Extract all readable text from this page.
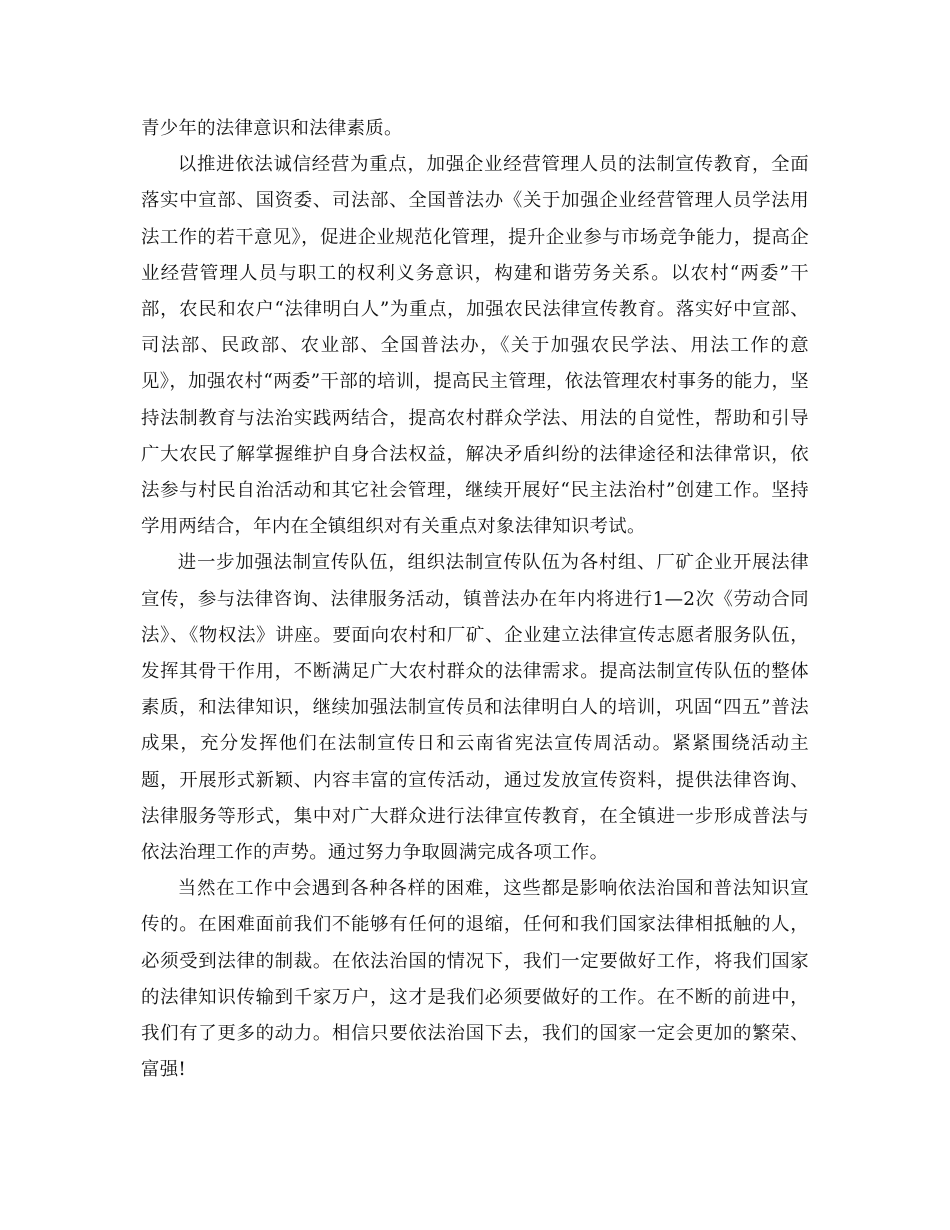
青少年的法律意识和法律素质。

以推进依法诚信经营为重点，加强企业经营管理人员的法制宣传教育，全面落实中宣部、国资委、司法部、全国普法办《关于加强企业经营管理人员学法用法工作的若干意见》，促进企业规范化管理，提升企业参与市场竞争能力，提高企业经营管理人员与职工的权利义务意识，构建和谐劳务关系。以农村“两委”干部，农民和农户“法律明白人”为重点，加强农民法律宣传教育。落实好中宣部、司法部、民政部、农业部、全国普法办，《关于加强农民学法、用法工作的意见》，加强农村“两委”干部的培训，提高民主管理，依法管理农村事务的能力，坚持法制教育与法治实践两结合，提高农村群众学法、用法的自觉性，帮助和引导广大农民了解掌握维护自身合法权益，解决矛盾纠纷的法律途径和法律常识，依法参与村民自治活动和其它社会管理，继续开展好“民主法治村”创建工作。坚持学用两结合，年内在全镇组织对有关重点对象法律知识考试。

进一步加强法制宣传队伍，组织法制宣传队伍为各村组、厂矿企业开展法律宣传，参与法律咨询、法律服务活动，镇普法办在年内将进行1—2次《劳动合同法》、《物权法》讲座。要面向农村和厂矿、企业建立法律宣传志愿者服务队伍，发挥其骨干作用，不断满足广大农村群众的法律需求。提高法制宣传队伍的整体素质，和法律知识，继续加强法制宣传员和法律明白人的培训，巩固“四五”普法成果，充分发挥他们在法制宣传日和云南省宪法宣传周活动。紧紧围绕活动主题，开展形式新颖、内容丰富的宣传活动，通过发放宣传资料，提供法律咨询、法律服务等形式，集中对广大群众进行法律宣传教育，在全镇进一步形成普法与依法治理工作的声势。通过努力争取圆满完成各项工作。

当然在工作中会遇到各种各样的困难，这些都是影响依法治国和普法知识宣传的。在困难面前我们不能够有任何的退缩，任何和我们国家法律相抵触的人，必须受到法律的制裁。在依法治国的情况下，我们一定要做好工作，将我们国家的法律知识传输到千家万户，这才是我们必须要做好的工作。在不断的前进中，我们有了更多的动力。相信只要依法治国下去，我们的国家一定会更加的繁荣、富强!
